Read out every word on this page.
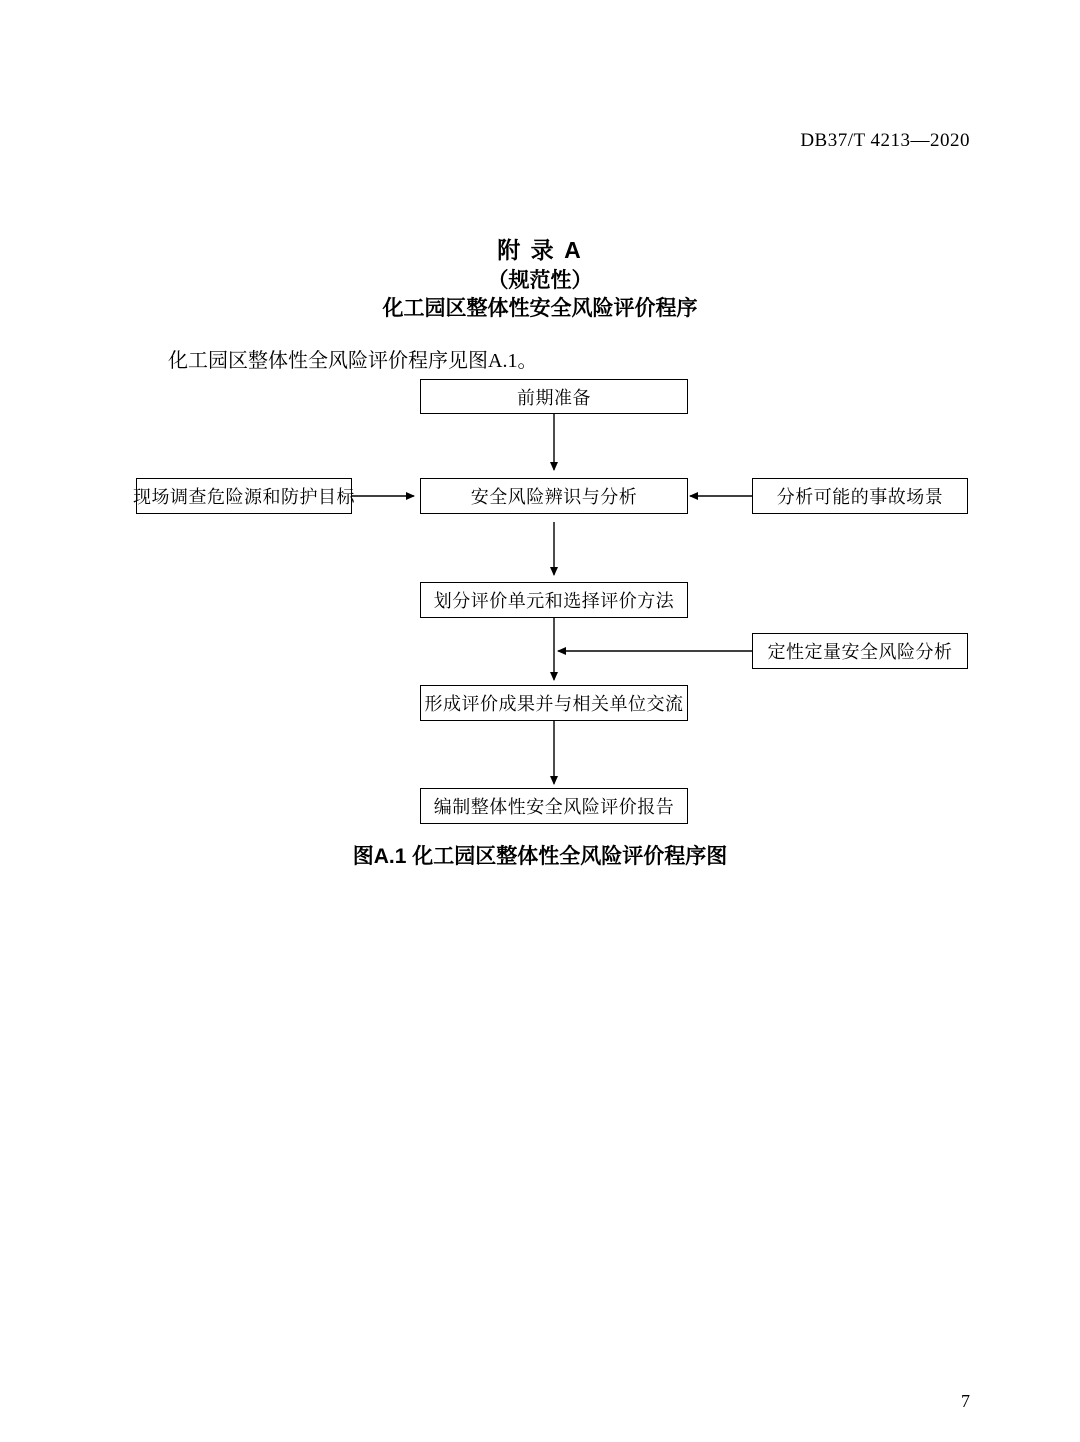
DB37/T 4213—2020
附 录 A
（规范性）
化工园区整体性安全风险评价程序
化工园区整体性全风险评价程序见图A.1。
前期准备
现场调查危险源和防护目标	安全风险辨识与分析	分析可能的事故场景
划分评价单元和选择评价方法
定性定量安全风险分析
形成评价成果并与相关单位交流
编制整体性安全风险评价报告
图A.1 化工园区整体性全风险评价程序图
7
